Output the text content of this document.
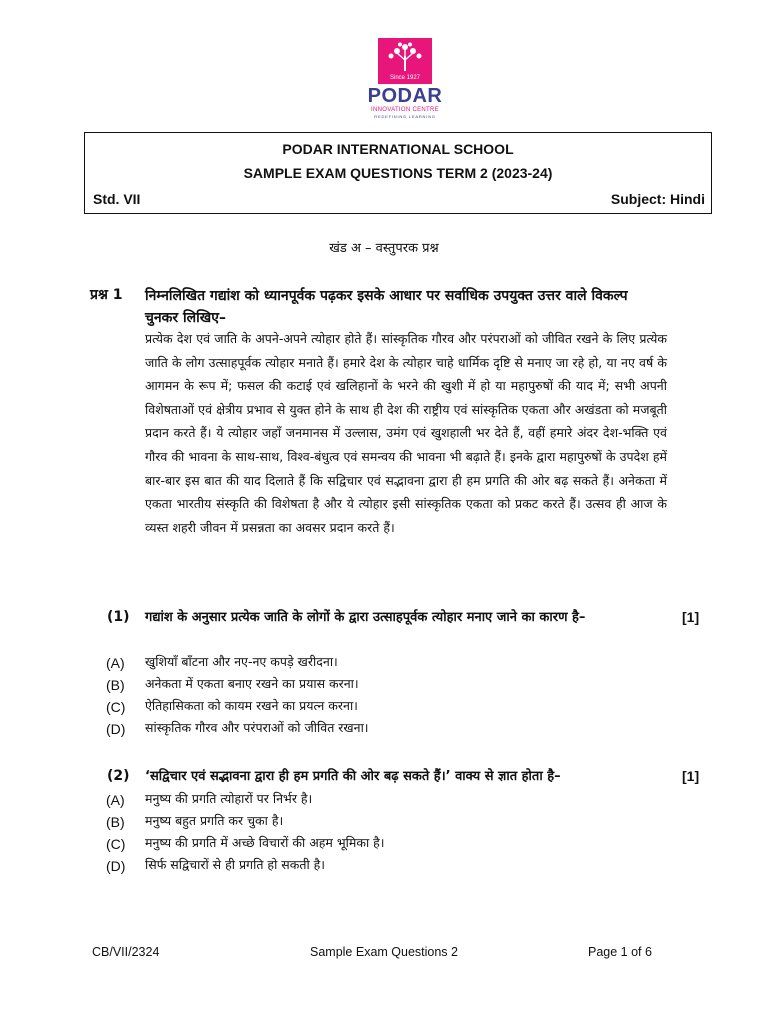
Since 1927
PODAR
INNOVATION CENTRE
REDEFINING LEARNING
PODAR INTERNATIONAL SCHOOL
SAMPLE EXAM QUESTIONS TERM 2 (2023-24)
Std. VII	Subject: Hindi
खंड अ – वस्तुपरक प्रश्न
प्रश्न 1 निम्नलिखित गद्यांश को ध्यानपूर्वक पढ़कर इसके आधार पर सर्वाधिक उपयुक्त उत्तर वाले विकल्प चुनकर लिखिए–

प्रत्येक देश एवं जाति के अपने-अपने त्योहार होते हैं। सांस्कृतिक गौरव और परंपराओं को जीवित रखने के लिए प्रत्येक जाति के लोग उत्साहपूर्वक त्योहार मनाते हैं। हमारे देश के त्योहार चाहे धार्मिक दृष्टि से मनाए जा रहे हो, या नए वर्ष के आगमन के रूप में; फसल की कटाई एवं खलिहानों के भरने की खुशी में हो या महापुरुषों की याद में; सभी अपनी विशेषताओं एवं क्षेत्रीय प्रभाव से युक्त होने के साथ ही देश की राष्ट्रीय एवं सांस्कृतिक एकता और अखंडता को मजबूती प्रदान करते हैं। ये त्योहार जहाँ जनमानस में उल्लास, उमंग एवं खुशहाली भर देते हैं, वहीं हमारे अंदर देश-भक्ति एवं गौरव की भावना के साथ-साथ, विश्व-बंधुत्व एवं समन्वय की भावना भी बढ़ाते हैं। इनके द्वारा महापुरुषों के उपदेश हमें बार-बार इस बात की याद दिलाते हैं कि सद्विचार एवं सद्भावना द्वारा ही हम प्रगति की ओर बढ़ सकते हैं। अनेकता में एकता भारतीय संस्कृति की विशेषता है और ये त्योहार इसी सांस्कृतिक एकता को प्रकट करते हैं। उत्सव ही आज के व्यस्त शहरी जीवन में प्रसन्नता का अवसर प्रदान करते हैं।

(1) गद्यांश के अनुसार प्रत्येक जाति के लोगों के द्वारा उत्साहपूर्वक त्योहार मनाए जाने का कारण है–	[1]
(A) खुशियाँ बाँटना और नए-नए कपड़े खरीदना।
(B) अनेकता में एकता बनाए रखने का प्रयास करना।
(C) ऐतिहासिकता को कायम रखने का प्रयत्न करना।
(D) सांस्कृतिक गौरव और परंपराओं को जीवित रखना।
(2) ‘सद्विचार एवं सद्भावना द्वारा ही हम प्रगति की ओर बढ़ सकते हैं।’ वाक्य से ज्ञात होता है–	[1]
(A) मनुष्य की प्रगति त्योहारों पर निर्भर है।
(B) मनुष्य बहुत प्रगति कर चुका है।
(C) मनुष्य की प्रगति में अच्छे विचारों की अहम भूमिका है।
(D) सिर्फ सद्विचारों से ही प्रगति हो सकती है।
CB/VII/2324	Sample Exam Questions 2	Page 1 of 6
